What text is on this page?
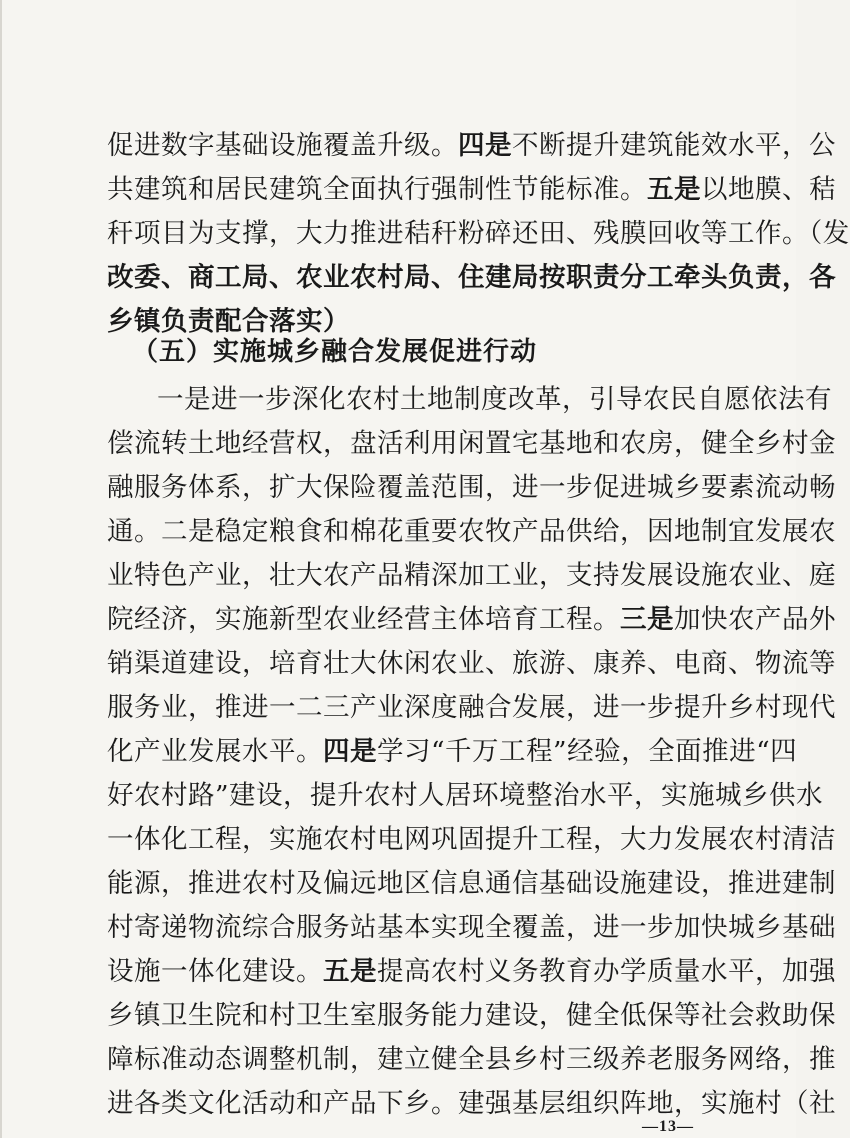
促进数字基础设施覆盖升级。四是不断提升建筑能效水平，公
共建筑和居民建筑全面执行强制性节能标准。五是以地膜、秸
秆项目为支撑，大力推进秸秆粉碎还田、残膜回收等工作。（发
改委、商工局、农业农村局、住建局按职责分工牵头负责，各
乡镇负责配合落实）
（五）实施城乡融合发展促进行动
一是进一步深化农村土地制度改革，引导农民自愿依法有
偿流转土地经营权，盘活利用闲置宅基地和农房，健全乡村金
融服务体系，扩大保险覆盖范围，进一步促进城乡要素流动畅
通。二是稳定粮食和棉花重要农牧产品供给，因地制宜发展农
业特色产业，壮大农产品精深加工业，支持发展设施农业、庭
院经济，实施新型农业经营主体培育工程。三是加快农产品外
销渠道建设，培育壮大休闲农业、旅游、康养、电商、物流等
服务业，推进一二三产业深度融合发展，进一步提升乡村现代
化产业发展水平。四是学习“千万工程”经验，全面推进“四
好农村路”建设，提升农村人居环境整治水平，实施城乡供水
一体化工程，实施农村电网巩固提升工程，大力发展农村清洁
能源，推进农村及偏远地区信息通信基础设施建设，推进建制
村寄递物流综合服务站基本实现全覆盖，进一步加快城乡基础
设施一体化建设。五是提高农村义务教育办学质量水平，加强
乡镇卫生院和村卫生室服务能力建设，健全低保等社会救助保
障标准动态调整机制，建立健全县乡村三级养老服务网络，推
进各类文化活动和产品下乡。建强基层组织阵地，实施村（社
—13—
